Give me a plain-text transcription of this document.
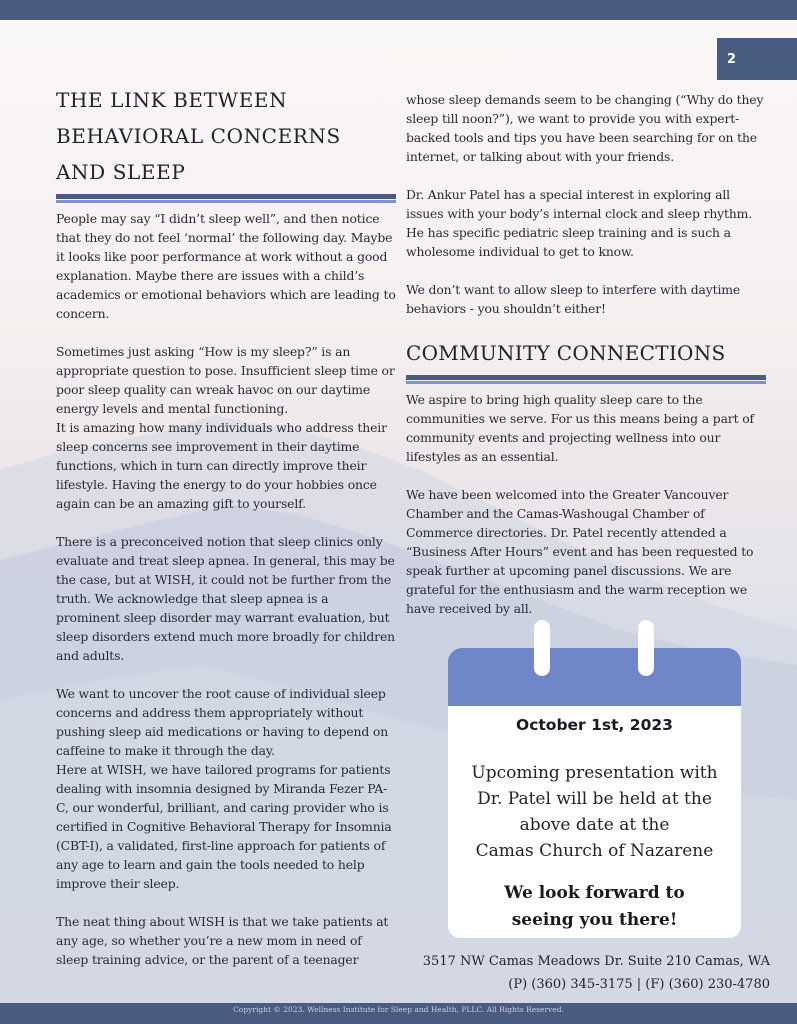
2
THE LINK BETWEEN
BEHAVIORAL CONCERNS
AND SLEEP

People may say “I didn’t sleep well”, and then notice that they do not feel ‘normal’ the following day. Maybe it looks like poor performance at work without a good explanation. Maybe there are issues with a child’s academics or emotional behaviors which are leading to concern.

Sometimes just asking “How is my sleep?” is an appropriate question to pose. Insufficient sleep time or poor sleep quality can wreak havoc on our daytime energy levels and mental functioning.
It is amazing how many individuals who address their sleep concerns see improvement in their daytime functions, which in turn can directly improve their lifestyle. Having the energy to do your hobbies once again can be an amazing gift to yourself.

There is a preconceived notion that sleep clinics only evaluate and treat sleep apnea. In general, this may be the case, but at WISH, it could not be further from the truth. We acknowledge that sleep apnea is a prominent sleep disorder may warrant evaluation, but sleep disorders extend much more broadly for children and adults.

We want to uncover the root cause of individual sleep concerns and address them appropriately without pushing sleep aid medications or having to depend on caffeine to make it through the day.
Here at WISH, we have tailored programs for patients dealing with insomnia designed by Miranda Fezer PA-C, our wonderful, brilliant, and caring provider who is certified in Cognitive Behavioral Therapy for Insomnia (CBT-I), a validated, first-line approach for patients of any age to learn and gain the tools needed to help improve their sleep.

The neat thing about WISH is that we take patients at any age, so whether you’re a new mom in need of sleep training advice, or the parent of a teenager

whose sleep demands seem to be changing (“Why do they sleep till noon?”), we want to provide you with expert-backed tools and tips you have been searching for on the internet, or talking about with your friends.

Dr. Ankur Patel has a special interest in exploring all issues with your body’s internal clock and sleep rhythm. He has specific pediatric sleep training and is such a wholesome individual to get to know.

We don’t want to allow sleep to interfere with daytime behaviors - you shouldn’t either!

COMMUNITY CONNECTIONS

We aspire to bring high quality sleep care to the communities we serve. For us this means being a part of community events and projecting wellness into our lifestyles as an essential.

We have been welcomed into the Greater Vancouver Chamber and the Camas-Washougal Chamber of Commerce directories. Dr. Patel recently attended a “Business After Hours” event and has been requested to speak further at upcoming panel discussions. We are grateful for the enthusiasm and the warm reception we have received by all.

October 1st, 2023
Upcoming presentation with
Dr. Patel will be held at the
above date at the
Camas Church of Nazarene
We look forward to
seeing you there!
3517 NW Camas Meadows Dr. Suite 210 Camas, WA
(P) (360) 345-3175 | (F) (360) 230-4780
Copyright © 2023. Wellness Institute for Sleep and Health, PLLC. All Rights Reserved.
